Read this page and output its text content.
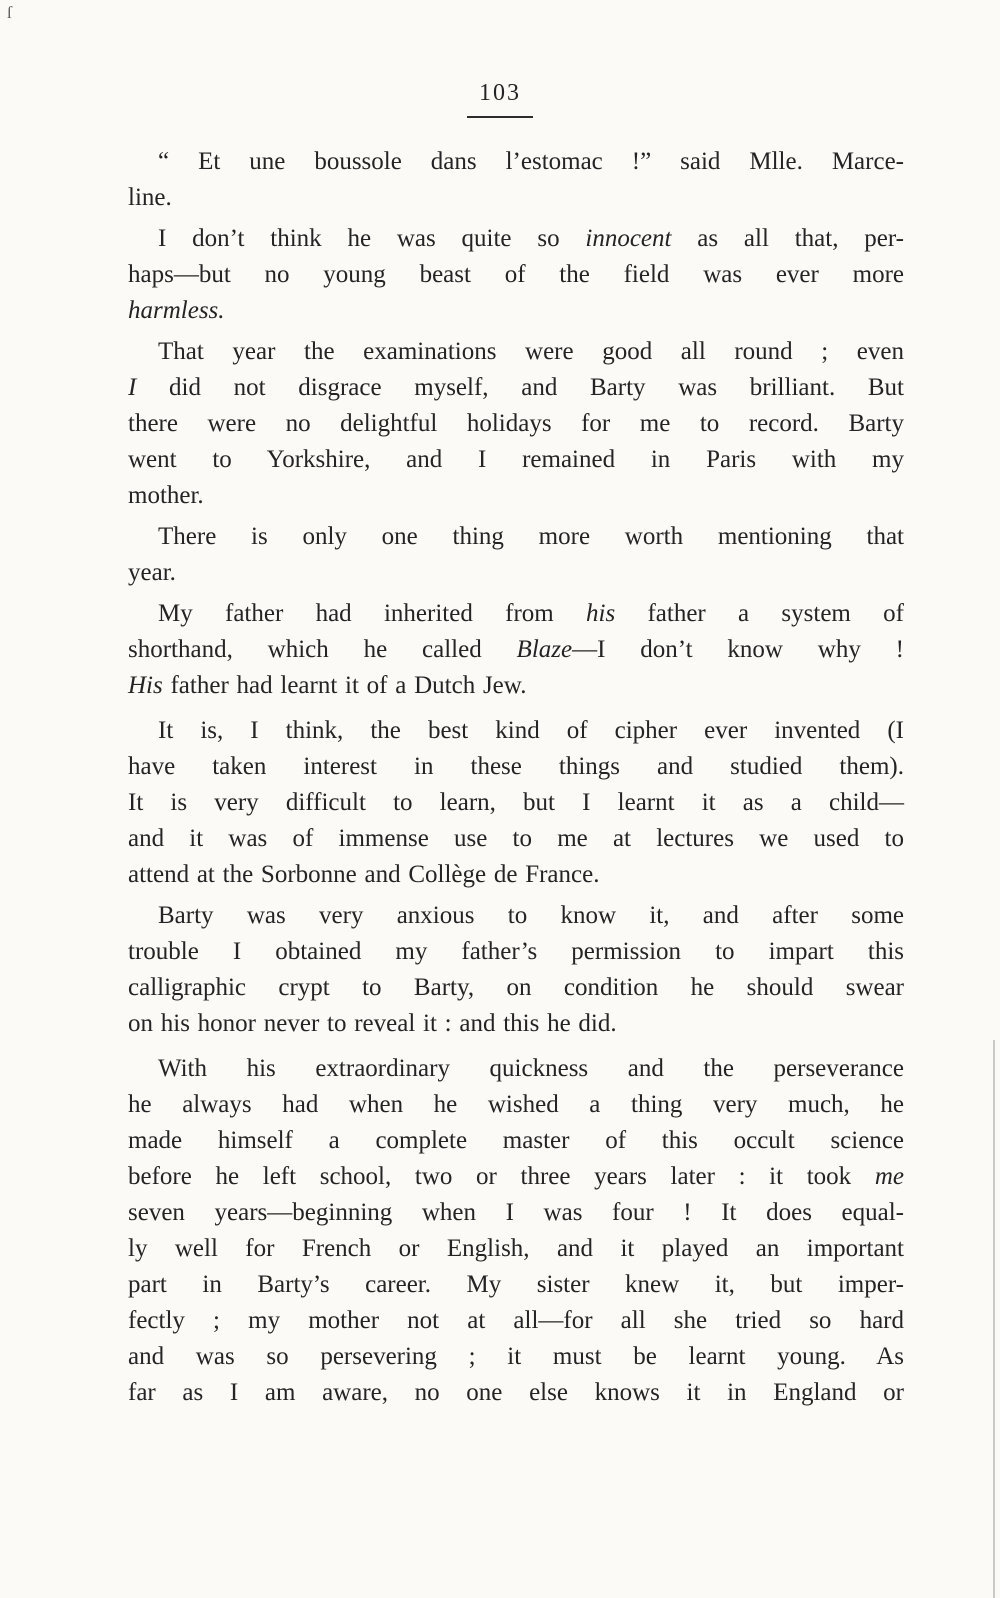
ſ
103
“ Et une boussole dans l’estomac !” said Mlle. Marce-
line.
I don’t think he was quite so innocent as all that, per-
haps—but no young beast of the field was ever more
harmless.
That year the examinations were good all round ; even
I did not disgrace myself, and Barty was brilliant. But
there were no delightful holidays for me to record. Barty
went to Yorkshire, and I remained in Paris with my
mother.
There is only one thing more worth mentioning that
year.
My father had inherited from his father a system of
shorthand, which he called Blaze—I don’t know why !
His father had learnt it of a Dutch Jew.
It is, I think, the best kind of cipher ever invented (I
have taken interest in these things and studied them).
It is very difficult to learn, but I learnt it as a child—
and it was of immense use to me at lectures we used to
attend at the Sorbonne and Collège de France.
Barty was very anxious to know it, and after some
trouble I obtained my father’s permission to impart this
calligraphic crypt to Barty, on condition he should swear
on his honor never to reveal it : and this he did.
With his extraordinary quickness and the perseverance
he always had when he wished a thing very much, he
made himself a complete master of this occult science
before he left school, two or three years later : it took me
seven years—beginning when I was four ! It does equal-
ly well for French or English, and it played an important
part in Barty’s career. My sister knew it, but imper-
fectly ; my mother not at all—for all she tried so hard
and was so persevering ; it must be learnt young. As
far as I am aware, no one else knows it in England or
